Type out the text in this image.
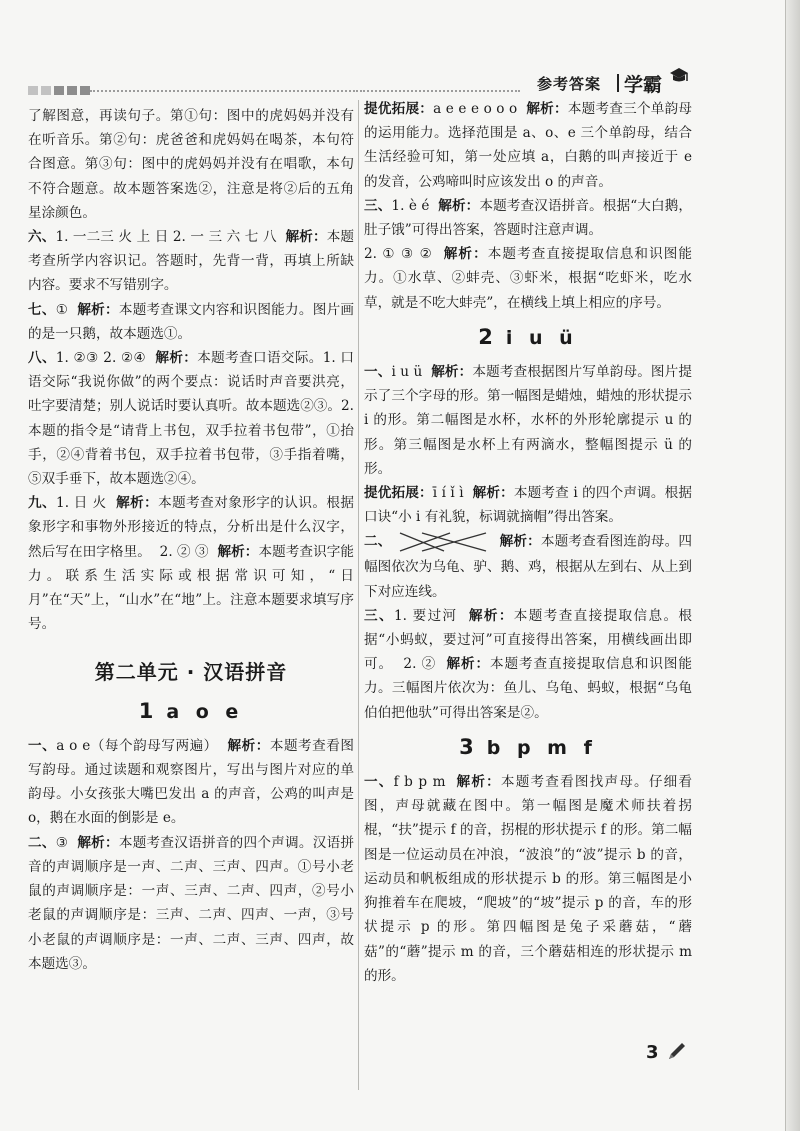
参考答案 学霸

了解图意，再读句子。第①句：图中的虎妈妈并没有在听音乐。第②句：虎爸爸和虎妈妈在喝茶，本句符合图意。第③句：图中的虎妈妈并没有在唱歌，本句不符合题意。故本题答案选②，注意是将②后的五角星涂颜色。

六、1. 一二三 火 上 日 2. 一 三 六 七 八 解析：本题考查所学内容识记。答题时，先背一背，再填上所缺内容。要求不写错别字。

七、① 解析：本题考查课文内容和识图能力。图片画的是一只鹅，故本题选①。

八、1. ②③ 2. ②④ 解析：本题考查口语交际。1. 口语交际“我说你做”的两个要点：说话时声音要洪亮，吐字要清楚；别人说话时要认真听。故本题选②③。2. 本题的指令是“请背上书包，双手拉着书包带”，①抬手，②④背着书包，双手拉着书包带，③手指着嘴，⑤双手垂下，故本题选②④。

九、1. 日 火 解析：本题考查对象形字的认识。根据象形字和事物外形接近的特点，分析出是什么汉字，然后写在田字格里。 2. ② ③ 解析：本题考查识字能力。联系生活实际或根据常识可知，“日月”在“天”上，“山水”在“地”上。注意本题要求填写序号。

第二单元 · 汉语拼音
1 a o e

一、a o e（每个韵母写两遍） 解析：本题考查看图写韵母。通过读题和观察图片，写出与图片对应的单韵母。小女孩张大嘴巴发出 a 的声音，公鸡的叫声是 o，鹅在水面的倒影是 e。

二、③ 解析：本题考查汉语拼音的四个声调。汉语拼音的声调顺序是一声、二声、三声、四声。①号小老鼠的声调顺序是：一声、三声、二声、四声，②号小老鼠的声调顺序是：三声、二声、四声、一声，③号小老鼠的声调顺序是：一声、二声、三声、四声，故本题选③。

提优拓展：a e e e o o o 解析：本题考查三个单韵母的运用能力。选择范围是 a、o、e 三个单韵母，结合生活经验可知，第一处应填 a，白鹅的叫声接近于 e 的发音，公鸡啼叫时应该发出 o 的声音。

三、1. è é 解析：本题考查汉语拼音。根据“大白鹅，肚子饿”可得出答案，答题时注意声调。

2. ① ③ ② 解析：本题考查直接提取信息和识图能力。①水草、②蚌壳、③虾米，根据“吃虾米，吃水草，就是不吃大蚌壳”，在横线上填上相应的序号。

2 i u ü

一、i u ü 解析：本题考查根据图片写单韵母。图片提示了三个字母的形。第一幅图是蜡烛，蜡烛的形状提示 i 的形。第二幅图是水杯，水杯的外形轮廓提示 u 的形。第三幅图是水杯上有两滴水，整幅图提示 ü 的形。

提优拓展：ī í ǐ ì 解析：本题考查 i 的四个声调。根据口诀“小 i 有礼貌，标调就摘帽”得出答案。

二、	解析：本题考查看图连韵母。四幅图依次为乌龟、驴、鹅、鸡，根据从左到右、从上到下对应连线。

三、1. 要过河 解析：本题考查直接提取信息。根据“小蚂蚁，要过河”可直接得出答案，用横线画出即可。 2. ② 解析：本题考查直接提取信息和识图能力。三幅图片依次为：鱼儿、乌龟、蚂蚁，根据“乌龟伯伯把他驮”可得出答案是②。

3 b p m f

一、f b p m 解析：本题考查看图找声母。仔细看图，声母就藏在图中。第一幅图是魔术师扶着拐棍，“扶”提示 f 的音，拐棍的形状提示 f 的形。第二幅图是一位运动员在冲浪，“波浪”的“波”提示 b 的音，运动员和帆板组成的形状提示 b 的形。第三幅图是小狗推着车在爬坡，“爬坡”的“坡”提示 p 的音，车的形状提示 p 的形。第四幅图是兔子采蘑菇，“蘑菇”的“蘑”提示 m 的音，三个蘑菇相连的形状提示 m 的形。

3
